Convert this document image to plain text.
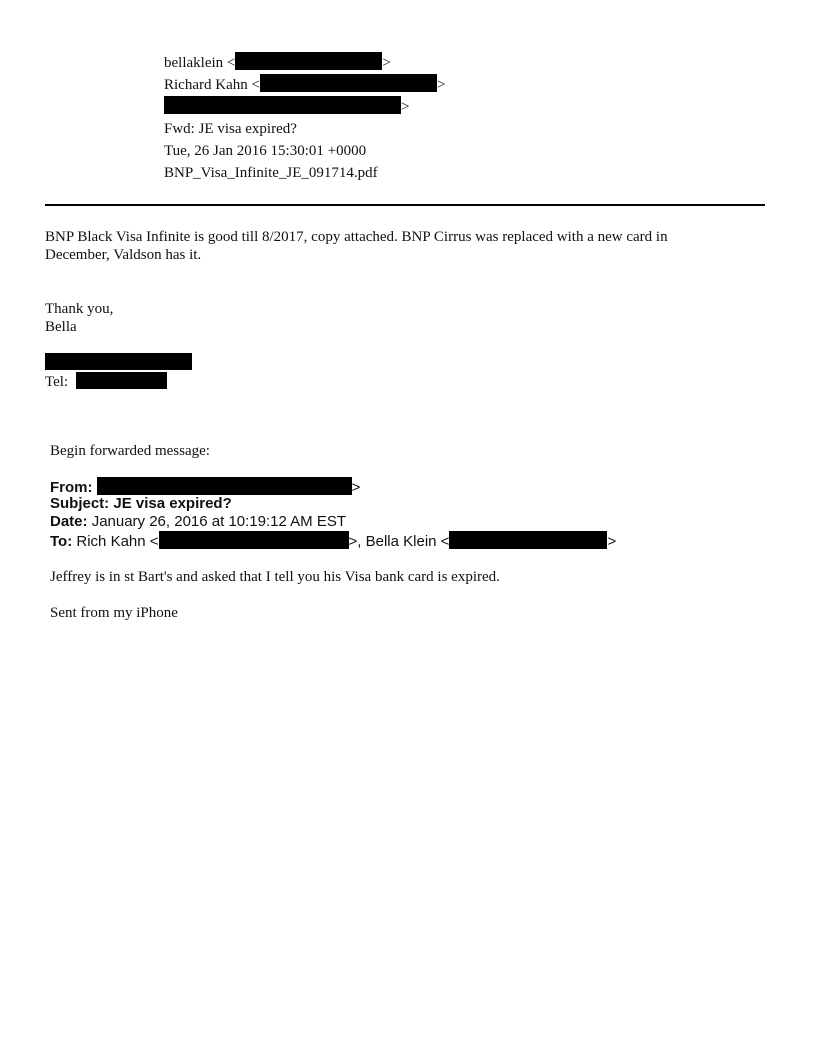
bellaklein <	>
Richard Kahn <	>
>
Fwd: JE visa expired?
Tue, 26 Jan 2016 15:30:01 +0000
BNP_Visa_Infinite_JE_091714.pdf
BNP Black Visa Infinite is good till 8/2017, copy attached. BNP Cirrus was replaced with a new card in
December, Valdson has it.
Thank you,
Bella
Tel:
Begin forwarded message:
From:	>
Subject: JE visa expired?
Date: January 26, 2016 at 10:19:12 AM EST
To: Rich Kahn <	>, Bella Klein <	>
Jeffrey is in st Bart's and asked that I tell you his Visa bank card is expired.
Sent from my iPhone
